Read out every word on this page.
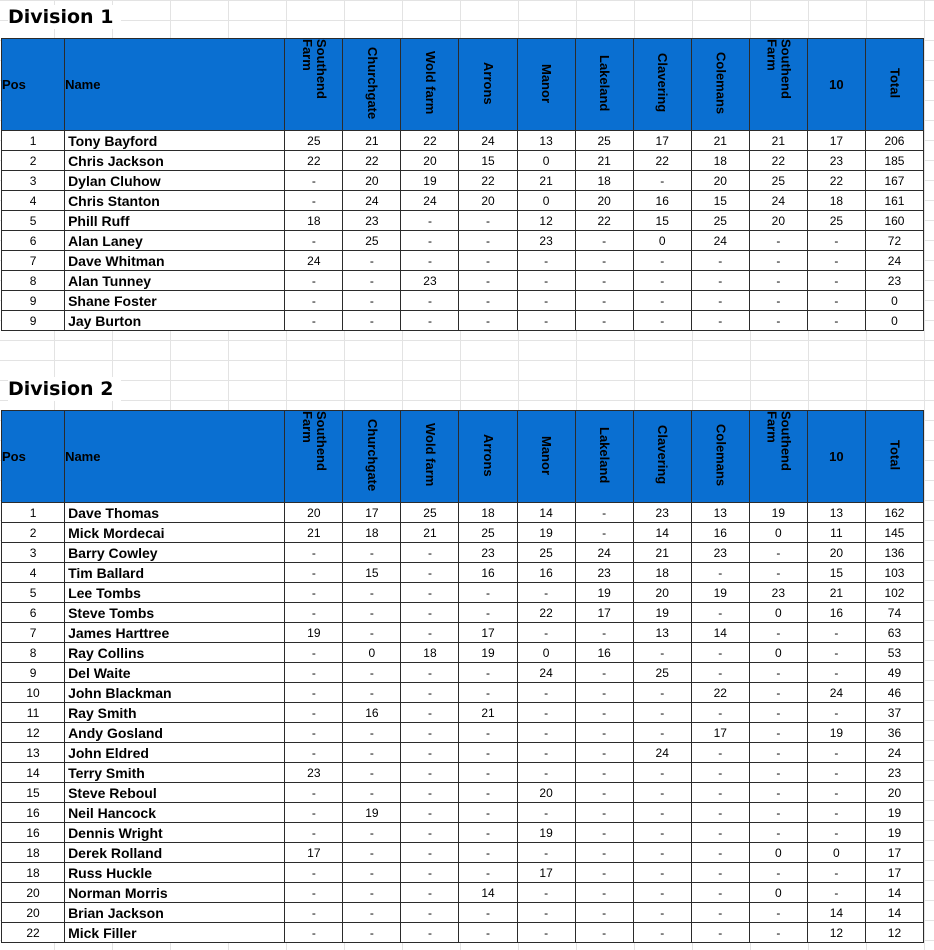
Division 1
Pos	Name	Southend Farm	Churchgate	Wold farm	Arrons	Manor	Lakeland	Clavering	Colemans	Southend Farm	10	Total
1	Tony Bayford	25	21	22	24	13	25	17	21	21	17	206
2	Chris Jackson	22	22	20	15	0	21	22	18	22	23	185
3	Dylan Cluhow	-	20	19	22	21	18	-	20	25	22	167
4	Chris Stanton	-	24	24	20	0	20	16	15	24	18	161
5	Phill Ruff	18	23	-	-	12	22	15	25	20	25	160
6	Alan Laney	-	25	-	-	23	-	0	24	-	-	72
7	Dave Whitman	24	-	-	-	-	-	-	-	-	-	24
8	Alan Tunney	-	-	23	-	-	-	-	-	-	-	23
9	Shane Foster	-	-	-	-	-	-	-	-	-	-	0
9	Jay Burton	-	-	-	-	-	-	-	-	-	-	0
Division 2
Pos	Name	Southend Farm	Churchgate	Wold farm	Arrons	Manor	Lakeland	Clavering	Colemans	Southend Farm	10	Total
1	Dave Thomas	20	17	25	18	14	-	23	13	19	13	162
2	Mick Mordecai	21	18	21	25	19	-	14	16	0	11	145
3	Barry Cowley	-	-	-	23	25	24	21	23	-	20	136
4	Tim Ballard	-	15	-	16	16	23	18	-	-	15	103
5	Lee Tombs	-	-	-	-	-	19	20	19	23	21	102
6	Steve Tombs	-	-	-	-	22	17	19	-	0	16	74
7	James Harttree	19	-	-	17	-	-	13	14	-	-	63
8	Ray Collins	-	0	18	19	0	16	-	-	0	-	53
9	Del Waite	-	-	-	-	24	-	25	-	-	-	49
10	John Blackman	-	-	-	-	-	-	-	22	-	24	46
11	Ray Smith	-	16	-	21	-	-	-	-	-	-	37
12	Andy Gosland	-	-	-	-	-	-	-	17	-	19	36
13	John Eldred	-	-	-	-	-	-	24	-	-	-	24
14	Terry Smith	23	-	-	-	-	-	-	-	-	-	23
15	Steve Reboul	-	-	-	-	20	-	-	-	-	-	20
16	Neil Hancock	-	19	-	-	-	-	-	-	-	-	19
16	Dennis Wright	-	-	-	-	19	-	-	-	-	-	19
18	Derek Rolland	17	-	-	-	-	-	-	-	0	0	17
18	Russ Huckle	-	-	-	-	17	-	-	-	-	-	17
20	Norman Morris	-	-	-	14	-	-	-	-	0	-	14
20	Brian Jackson	-	-	-	-	-	-	-	-	-	14	14
22	Mick Filler	-	-	-	-	-	-	-	-	-	12	12
